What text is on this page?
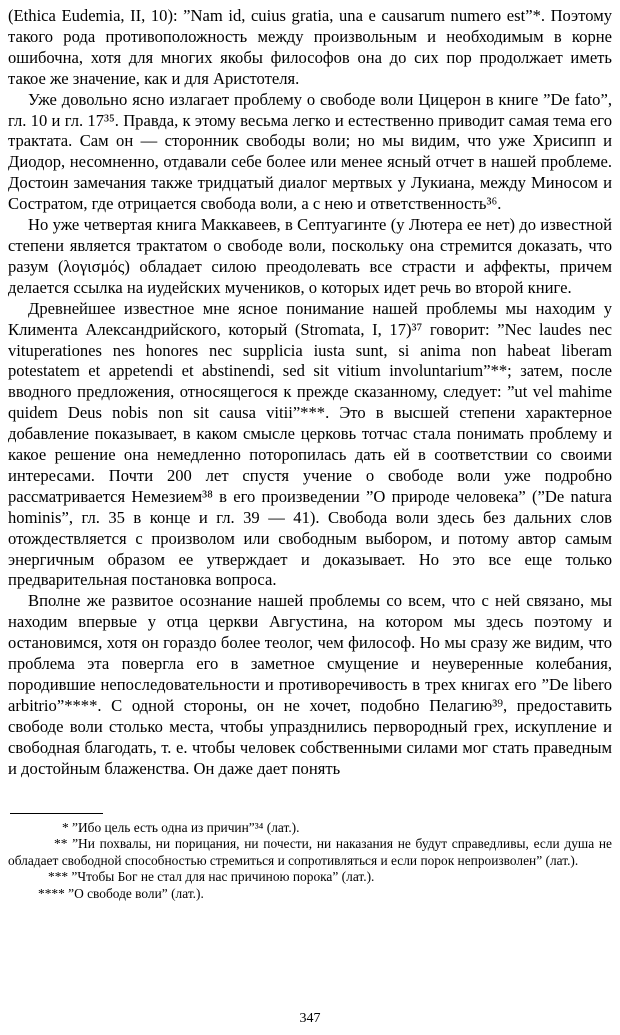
(Ethica Eudemia, II, 10): ”Nam id, cuius gratia, una e causarum numero est”*. Поэтому такого рода противоположность между произвольным и необходимым в корне ошибочна, хотя для многих якобы философов она до сих пор продолжает иметь такое же значение, как и для Аристотеля.

Уже довольно ясно излагает проблему о свободе воли Цицерон в книге ”De fato”, гл. 10 и гл. 17³⁵. Правда, к этому весьма легко и естественно приводит самая тема его трактата. Сам он — сторонник свободы воли; но мы видим, что уже Хрисипп и Диодор, несомненно, отдавали себе более или менее ясный отчет в нашей проблеме. Достоин замечания также тридцатый диалог мертвых у Лукиана, между Миносом и Состратом, где отрицается свобода воли, а с нею и ответственность³⁶.

Но уже четвертая книга Маккавеев, в Септуагинте (у Лютера ее нет) до известной степени является трактатом о свободе воли, поскольку она стремится доказать, что разум (λογισμός) обладает силою преодолевать все страсти и аффекты, причем делается ссылка на иудейских мучеников, о которых идет речь во второй книге.

Древнейшее известное мне ясное понимание нашей проблемы мы находим у Климента Александрийского, который (Stromata, I, 17)³⁷ говорит: ”Nec laudes nec vituperationes nes honores nec supplicia iusta sunt, si anima non habeat liberam potestatem et appetendi et abstinendi, sed sit vitium involuntarium”**; затем, после вводного предложения, относящегося к прежде сказанному, следует: ”ut vel mahime quidem Deus nobis non sit causa vitii”***. Это в высшей степени характерное добавление показывает, в каком смысле церковь тотчас стала понимать проблему и какое решение она немедленно поторопилась дать ей в соответствии со своими интересами. Почти 200 лет спустя учение о свободе воли уже подробно рассматривается Немезием³⁸ в его произведении ”О природе человека” (”De natura hominis”, гл. 35 в конце и гл. 39 — 41). Свобода воли здесь без дальних слов отождествляется с произволом или свободным выбором, и потому автор самым энергичным образом ее утверждает и доказывает. Но это все еще только предварительная постановка вопроса.

Вполне же развитое осознание нашей проблемы со всем, что с ней связано, мы находим впервые у отца церкви Августина, на котором мы здесь поэтому и остановимся, хотя он гораздо более теолог, чем философ. Но мы сразу же видим, что проблема эта повергла его в заметное смущение и неуверенные колебания, породившие непоследовательности и противоречивость в трех книгах его ”De libero arbitrio”****. С одной стороны, он не хочет, подобно Пелагию³⁹, предоставить свободе воли столько места, чтобы упразднились первородный грех, искупление и свободная благодать, т. е. чтобы человек собственными силами мог стать праведным и достойным блаженства. Он даже дает понять

* ”Ибо цель есть одна из причин”³⁴ (лат.).

** ”Ни похвалы, ни порицания, ни почести, ни наказания не будут справедливы, если душа не обладает свободной способностью стремиться и сопротивляться и если порок непроизволен” (лат.).

*** ”Чтобы Бог не стал для нас причиною порока” (лат.).

**** ”О свободе воли” (лат.).

347
